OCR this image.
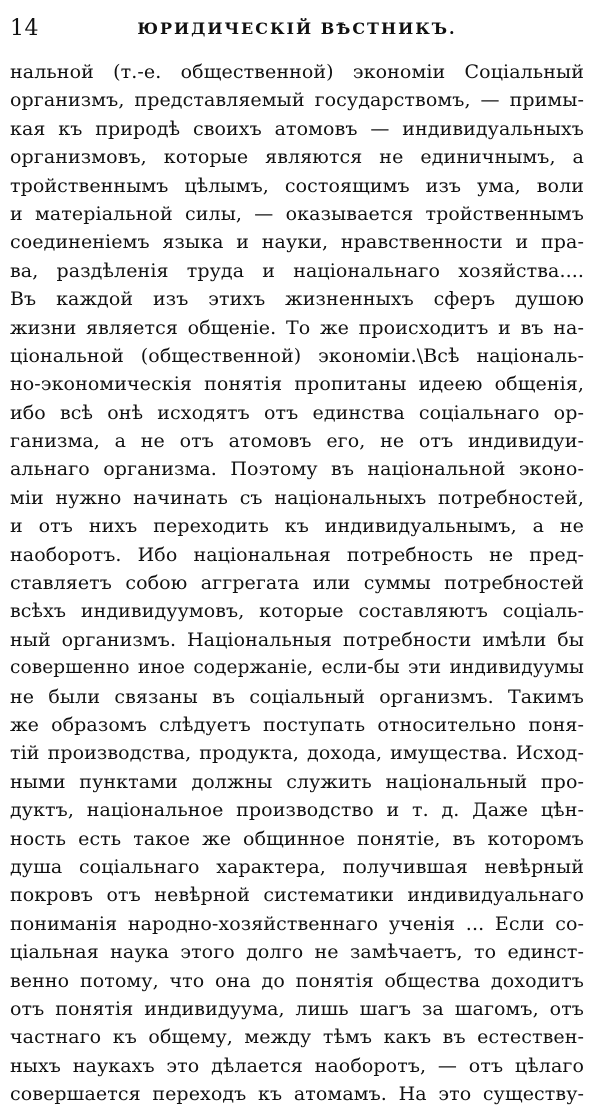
14	ЮРИДИЧЕСКІЙ ВѢСТНИКЪ.
нальной (т.-е. общественной) экономіи Соціальный
организмъ, представляемый государствомъ, — примы-
кая къ природѣ своихъ атомовъ — индивидуальныхъ
организмовъ, которые являются не единичнымъ, а
тройственнымъ цѣлымъ, состоящимъ изъ ума, воли
и матеріальной силы, — оказывается тройственнымъ
соединеніемъ языка и науки, нравственности и пра-
ва, раздѣленія труда и національнаго хозяйства....
Въ каждой изъ этихъ жизненныхъ сферъ душою
жизни является общеніе. То же происходитъ и въ на-
ціональной (общественной) экономіи.\Всѣ національ-
но-экономическія понятія пропитаны идеею общенія,
ибо всѣ онѣ исходятъ отъ единства соціальнаго ор-
ганизма, а не отъ атомовъ его, не отъ индивидуи-
альнаго организма. Поэтому въ національной эконо-
міи нужно начинать съ національныхъ потребностей,
и отъ нихъ переходить къ индивидуальнымъ, а не
наоборотъ. Ибо національная потребность не пред-
ставляетъ собою аггрегата или суммы потребностей
всѣхъ индивидуумовъ, которые составляютъ соціаль-
ный организмъ. Національныя потребности имѣли бы
совершенно иное содержаніе, если-бы эти индивидуумы
не были связаны въ соціальный организмъ. Такимъ
же образомъ слѣдуетъ поступать относительно поня-
тій производства, продукта, дохода, имущества. Исход-
ными пунктами должны служить національный про-
дуктъ, національное производство и т. д. Даже цѣн-
ность есть такое же общинное понятіе, въ которомъ
душа соціальнаго характера, получившая невѣрный
покровъ отъ невѣрной систематики индивидуальнаго
пониманія народно-хозяйственнаго ученія ... Если со-
ціальная наука этого долго не замѣчаетъ, то единст-
венно потому, что она до понятія общества доходитъ
отъ понятія индивидуума, лишь шагъ за шагомъ, отъ
частнаго къ общему, между тѣмъ какъ въ естествен-
ныхъ наукахъ это дѣлается наоборотъ, — отъ цѣлаго
совершается переходъ къ атомамъ. На это существу-
